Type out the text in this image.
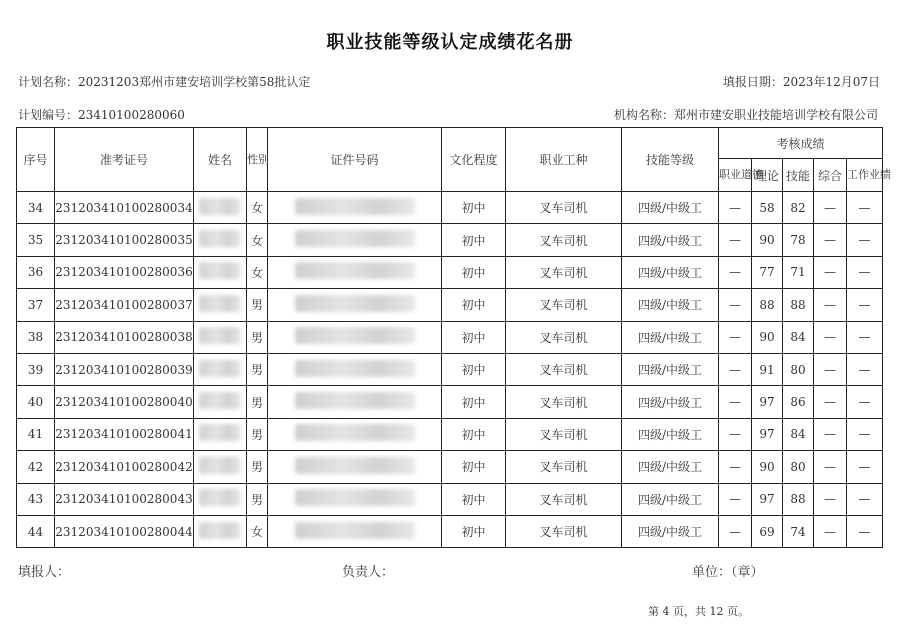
职业技能等级认定成绩花名册
计划名称：20231203郑州市建安培训学校第58批认定	填报日期：2023年12月07日
计划编号：23410100280060	机构名称：郑州市建安职业技能培训学校有限公司
序号	准考证号	姓名	性别	证件号码	文化程度	职业工种	技能等级	考核成绩				
								职业道德	理论	技能	综合	工作业绩
34	231203410100280034		女		初中	叉车司机	四级/中级工	—	58	82	—	—
35	231203410100280035		女		初中	叉车司机	四级/中级工	—	90	78	—	—
36	231203410100280036		女		初中	叉车司机	四级/中级工	—	77	71	—	—
37	231203410100280037		男		初中	叉车司机	四级/中级工	—	88	88	—	—
38	231203410100280038		男		初中	叉车司机	四级/中级工	—	90	84	—	—
39	231203410100280039		男		初中	叉车司机	四级/中级工	—	91	80	—	—
40	231203410100280040		男		初中	叉车司机	四级/中级工	—	97	86	—	—
41	231203410100280041		男		初中	叉车司机	四级/中级工	—	97	84	—	—
42	231203410100280042		男		初中	叉车司机	四级/中级工	—	90	80	—	—
43	231203410100280043		男		初中	叉车司机	四级/中级工	—	97	88	—	—
44	231203410100280044		女		初中	叉车司机	四级/中级工	—	69	74	—	—
填报人：	负责人：	单位：（章）
第 4 页，共 12 页。
